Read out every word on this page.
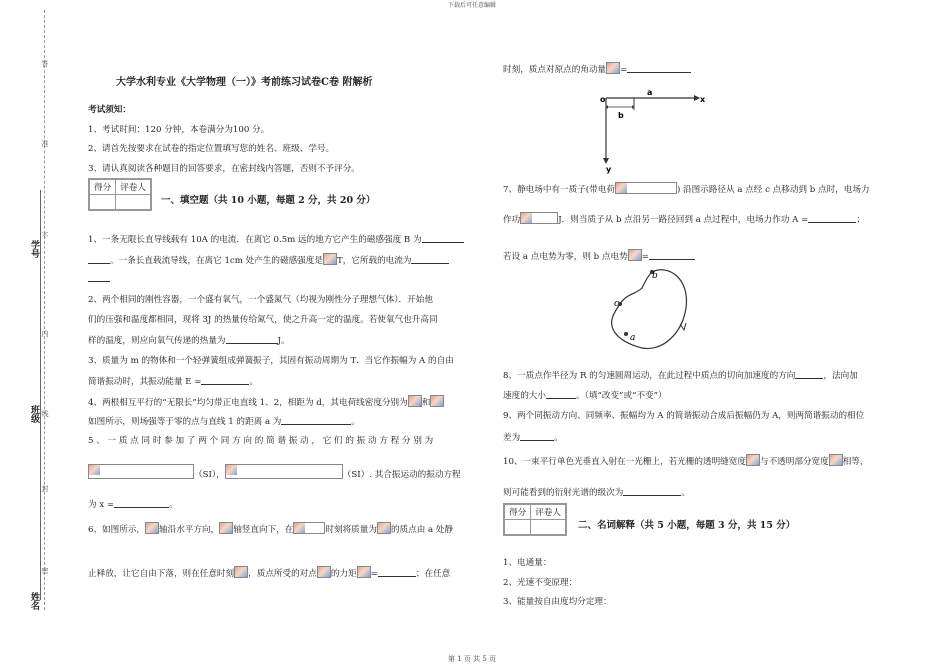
下载后可任意编辑
第 1 页 共 5 页
答
准
不
内
线
封
密
学号
班级
姓名
大学水利专业《大学物理（一）》考前练习试卷C卷 附解析
考试须知：
1、考试时间：120 分钟，本卷满分为100 分。
2、请首先按要求在试卷的指定位置填写您的姓名、班级、学号。
3、请认真阅读各种题目的回答要求，在密封线内答题，否则不予评分。
得分	评卷人

一、填空题（共 10 小题，每题 2 分，共 20 分）
1、一条无限长直导线载有 10A 的电流．在离它 0.5m 远的地方它产生的磁感强度 B 为
。一条长直载流导线，在离它 1cm 处产生的磁感强度是 T，它所载的电流为
2、两个相同的刚性容器，一个盛有氧气，一个盛氮气（均视为刚性分子理想气体）．开始他
们的压强和温度都相同，现将 3J 的热量传给氮气，使之升高一定的温度。若使氧气也升高同
样的温度，则应向氧气传递的热量为	J。
3、质量为 m 的物体和一个轻弹簧组成弹簧振子，其固有振动周期为 T．当它作振幅为 A 的自由
简谐振动时，其振动能量 E =	。
4、两根相互平行的“无限长”均匀带正电直线 1、2，相距为 d，其电荷线密度分别为 和
如图所示，则场强等于零的点与直线 1 的距离 a 为	。
5 、 一 质 点 同 时 参 加 了 两 个 同 方 向 的 简 谐 振 动 ， 它 们 的 振 动 方 程 分 别 为
（SI），	（SI）. 其合振运动的振动方程
为 x =	。
6、如图所示， 轴沿水平方向， 轴竖直向下，在	时刻将质量为 的质点由 a 处静
止释放，让它自由下落，则在任意时刻 ，质点所受的对点 的力矩 =	；在任意
时刻，质点对原点的角动量 =
o
a
b
x
y
7、静电场中有一质子(带电荷	) 沿图示路径从 a 点经 c 点移动到 b 点时，电场力
作功	J．则当质子从 b 点沿另一路径回到 a 点过程中，电场力作功 A =	；
若设 a 点电势为零，则 b 点电势 =
b
c
a
8、一质点作半径为 R 的匀速圆周运动，在此过程中质点的切向加速度的方向	，法向加
速度的大小	。（填“改变”或“不变”）
9、两个同振动方向、同频率、振幅均为 A 的简谐振动合成后振幅仍为 A，则两简谐振动的相位
差为	。
10、一束平行单色光垂直入射在一光栅上，若光栅的透明缝宽度 与不透明部分宽度 相等，
则可能看到的衍射光谱的级次为	。
得分	评卷人

二、名词解释（共 5 小题，每题 3 分，共 15 分）
1、电通量：
2、光速不变原理：
3、能量按自由度均分定理：
